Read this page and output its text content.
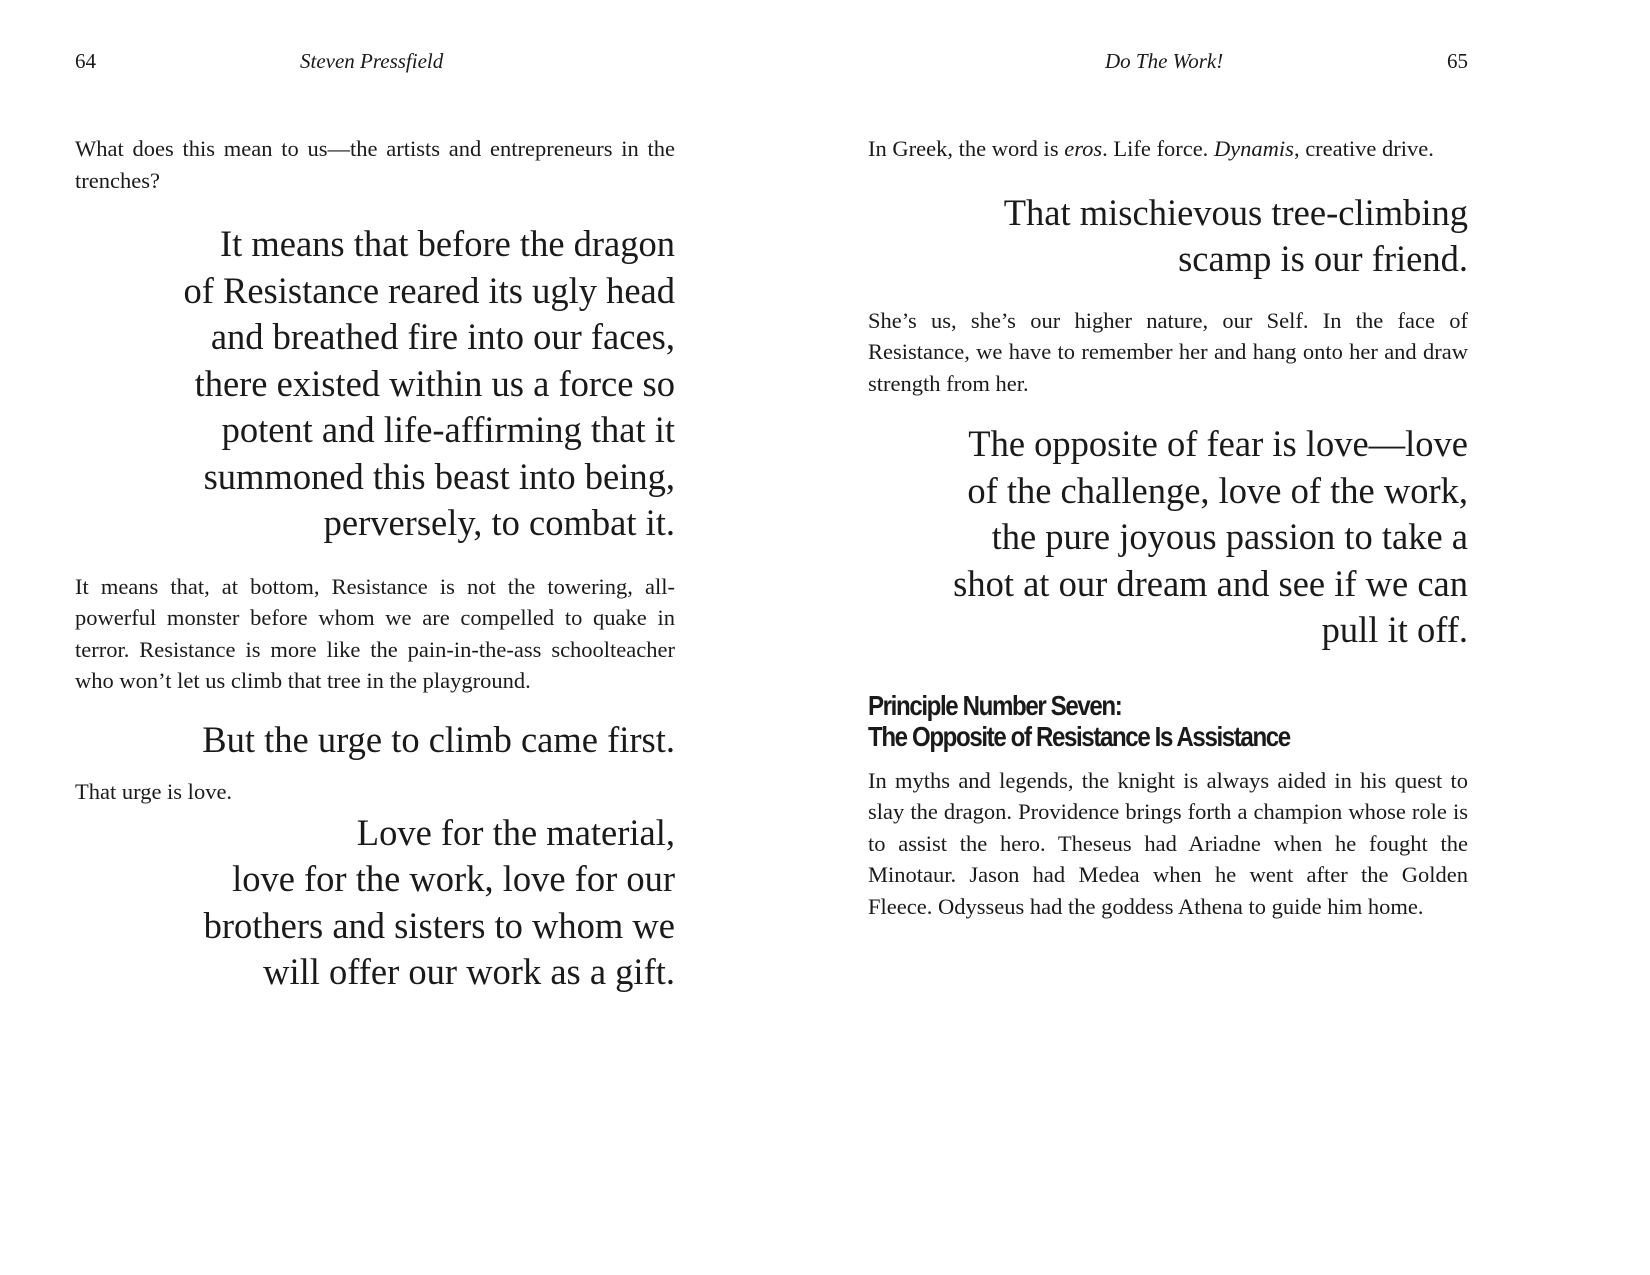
64	Steven Pressfield

What does this mean to us—the artists and entrepreneurs in the trenches?

It means that before the dragon
of Resistance reared its ugly head
and breathed fire into our faces,
there existed within us a force so
potent and life-affirming that it
summoned this beast into being,
perversely, to combat it.

It means that, at bottom, Resistance is not the towering, all-powerful monster before whom we are compelled to quake in terror. Resistance is more like the pain-in-the-ass schoolteacher who won’t let us climb that tree in the playground.

But the urge to climb came first.

That urge is love.

Love for the material,
love for the work, love for our
brothers and sisters to whom we
will offer our work as a gift.
Do The Work!	65

In Greek, the word is eros. Life force. Dynamis, creative drive.

That mischievous tree-climbing
scamp is our friend.

She’s us, she’s our higher nature, our Self. In the face of Resistance, we have to remember her and hang onto her and draw strength from her.

The opposite of fear is love—love
of the challenge, love of the work,
the pure joyous passion to take a
shot at our dream and see if we can
pull it off.
Principle Number Seven:
The Opposite of Resistance Is Assistance

In myths and legends, the knight is always aided in his quest to slay the dragon. Providence brings forth a champion whose role is to assist the hero. Theseus had Ariadne when he fought the Minotaur. Jason had Medea when he went after the Golden Fleece. Odysseus had the goddess Athena to guide him home.
